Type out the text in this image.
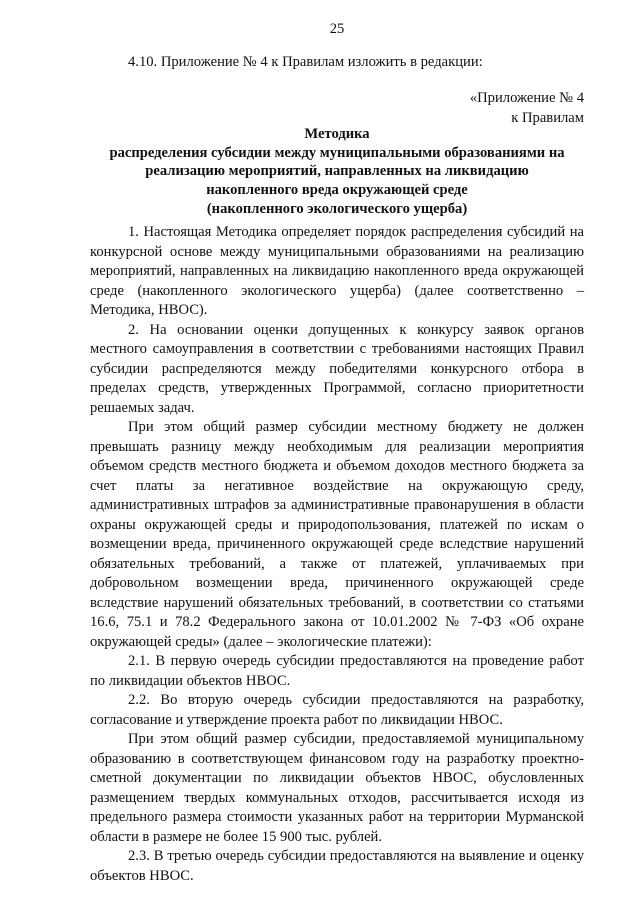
25
4.10. Приложение № 4 к Правилам изложить в редакции:
«Приложение № 4
к Правилам
Методика
распределения субсидии между муниципальными образованиями на
реализацию мероприятий, направленных на ликвидацию
накопленного вреда окружающей среде
(накопленного экологического ущерба)

1. Настоящая Методика определяет порядок распределения субсидий на конкурсной основе между муниципальными образованиями на реализацию мероприятий, направленных на ликвидацию накопленного вреда окружающей среде (накопленного экологического ущерба) (далее соответственно – Методика, НВОС).

2. На основании оценки допущенных к конкурсу заявок органов местного самоуправления в соответствии с требованиями настоящих Правил субсидии распределяются между победителями конкурсного отбора в пределах средств, утвержденных Программой, согласно приоритетности решаемых задач.

При этом общий размер субсидии местному бюджету не должен превышать разницу между необходимым для реализации мероприятия объемом средств местного бюджета и объемом доходов местного бюджета за счет платы за негативное воздействие на окружающую среду, административных штрафов за административные правонарушения в области охраны окружающей среды и природопользования, платежей по искам о возмещении вреда, причиненного окружающей среде вследствие нарушений обязательных требований, а также от платежей, уплачиваемых при добровольном возмещении вреда, причиненного окружающей среде вследствие нарушений обязательных требований, в соответствии со статьями 16.6, 75.1 и 78.2 Федерального закона от 10.01.2002 № 7-ФЗ «Об охране окружающей среды» (далее – экологические платежи):

2.1. В первую очередь субсидии предоставляются на проведение работ по ликвидации объектов НВОС.

2.2. Во вторую очередь субсидии предоставляются на разработку, согласование и утверждение проекта работ по ликвидации НВОС.

При этом общий размер субсидии, предоставляемой муниципальному образованию в соответствующем финансовом году на разработку проектно-сметной документации по ликвидации объектов НВОС, обусловленных размещением твердых коммунальных отходов, рассчитывается исходя из предельного размера стоимости указанных работ на территории Мурманской области в размере не более 15 900 тыс. рублей.

2.3. В третью очередь субсидии предоставляются на выявление и оценку объектов НВОС.
